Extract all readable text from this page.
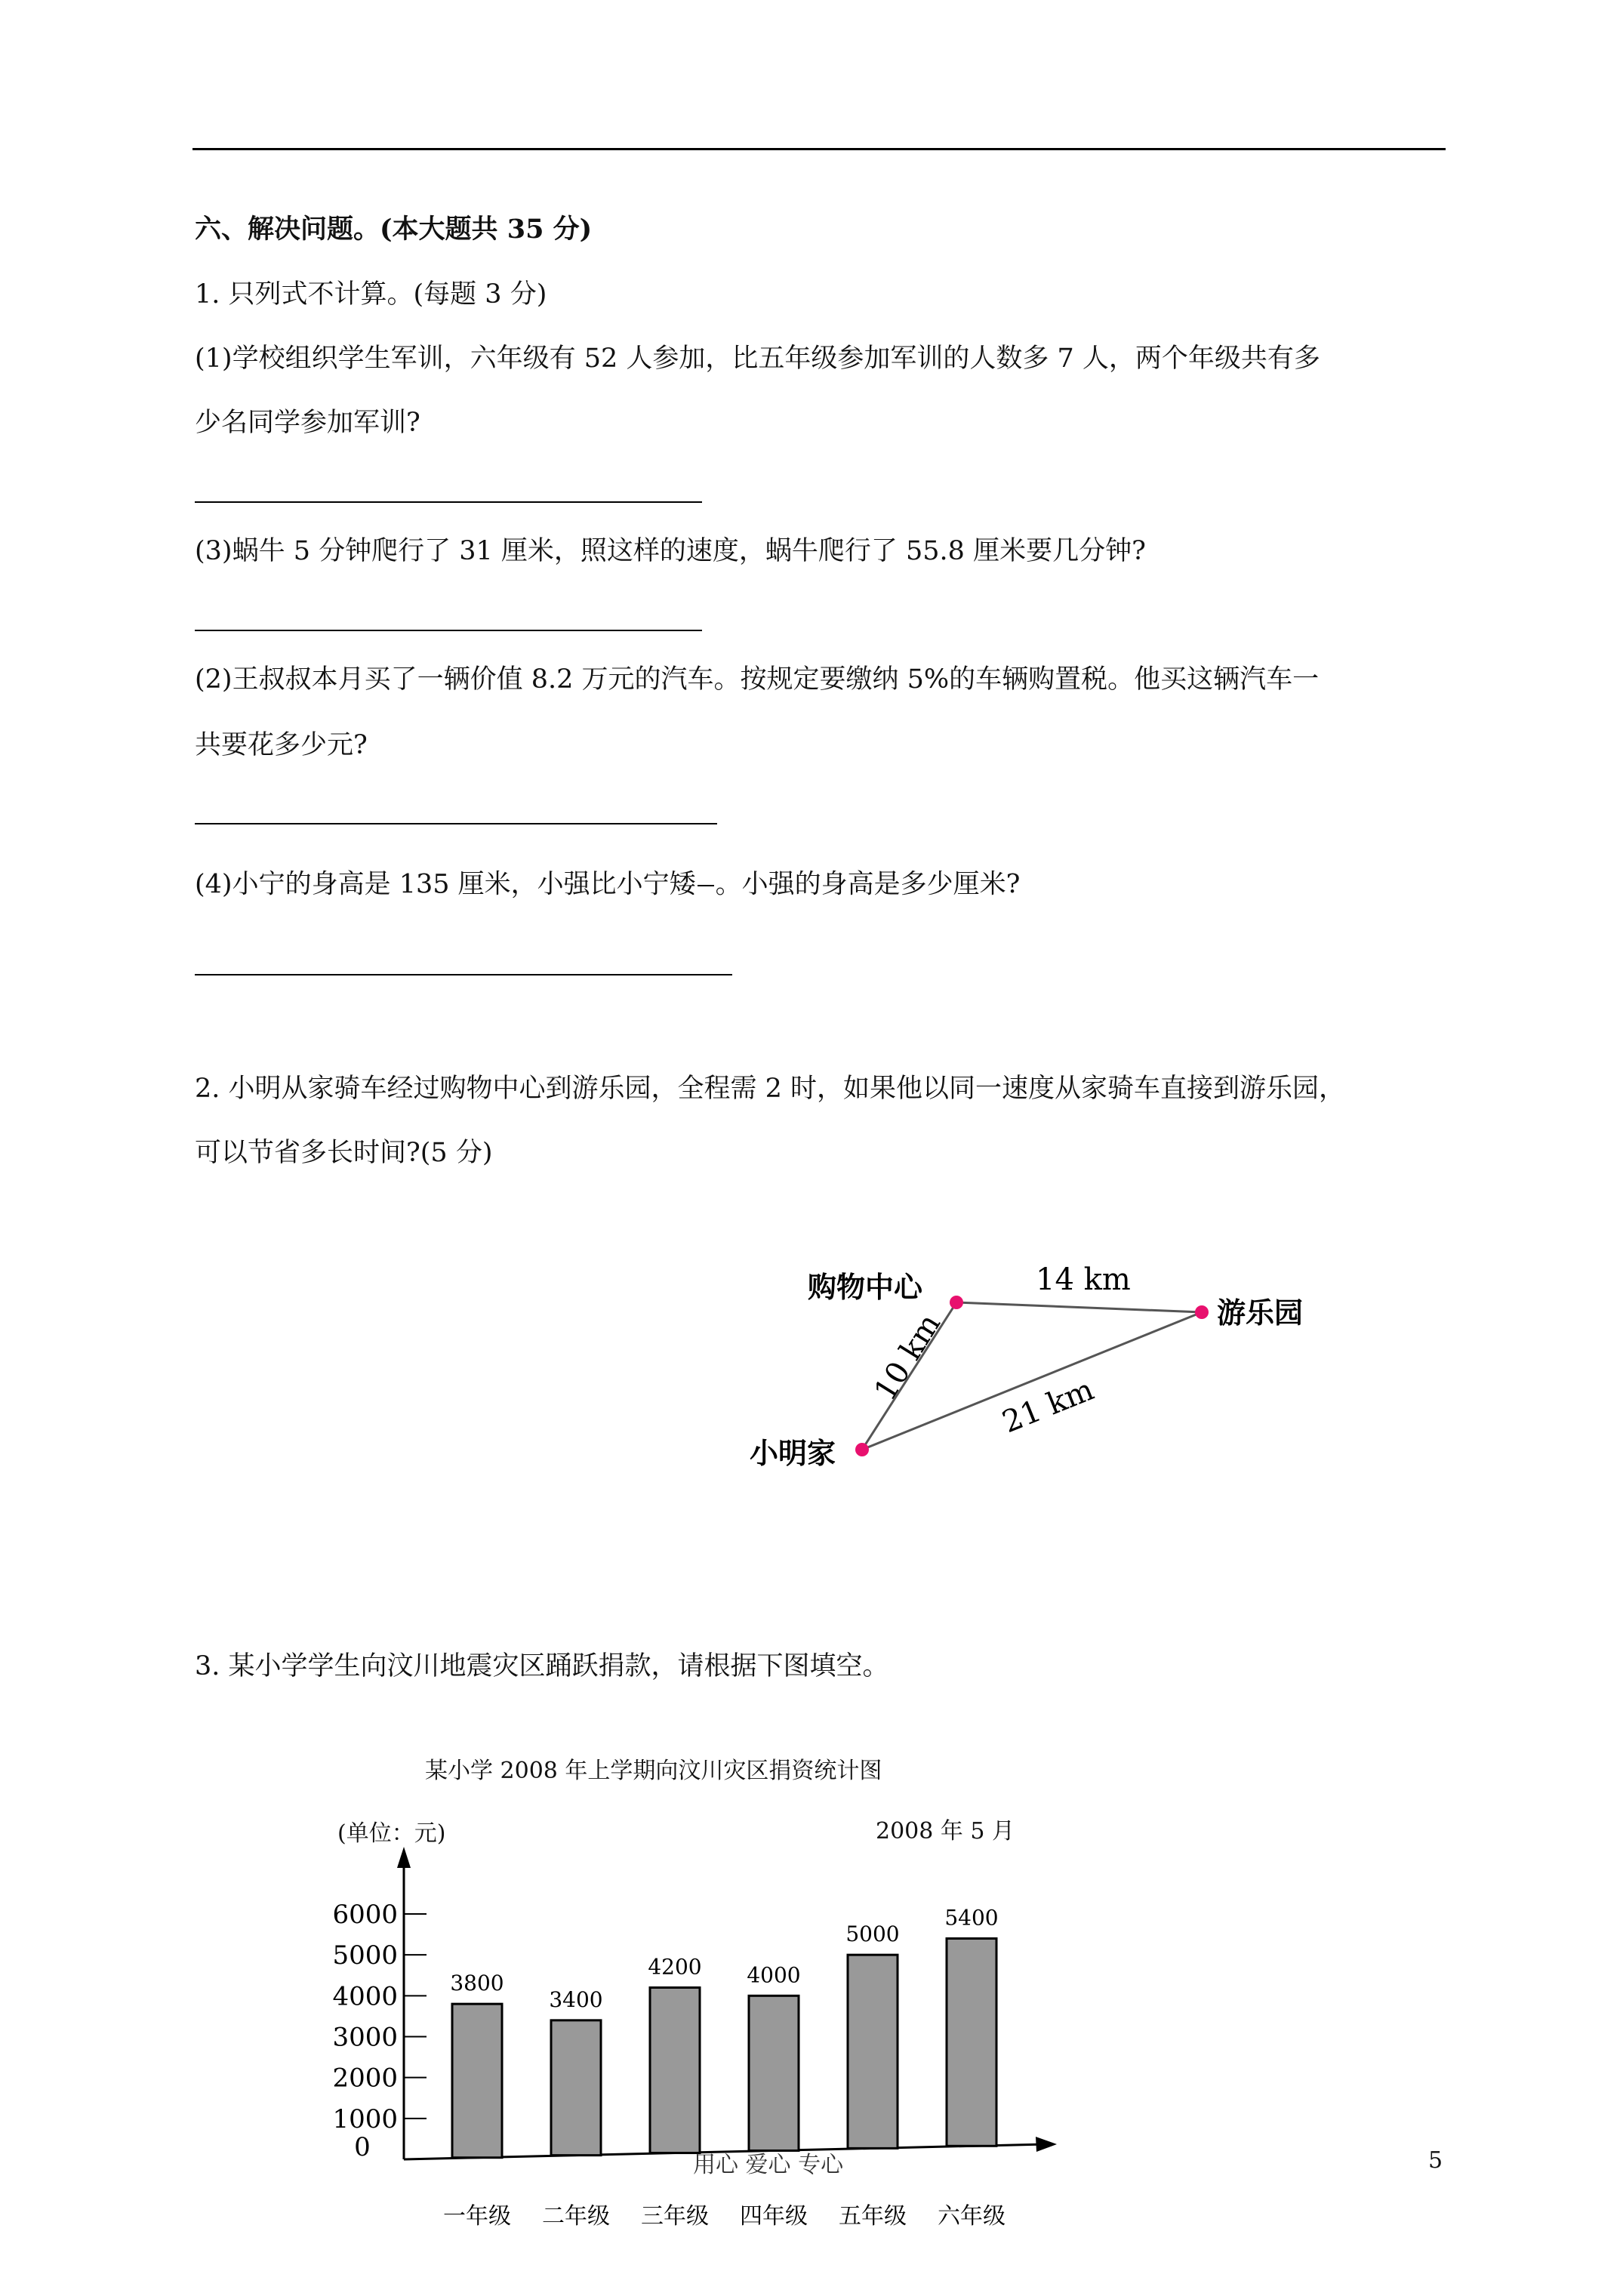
六、解决问题。(本大题共 35 分)
1. 只列式不计算。(每题 3 分)
(1)学校组织学生军训，六年级有 52 人参加，比五年级参加军训的人数多 7 人，两个年级共有多
少名同学参加军训?
(3)蜗牛 5 分钟爬行了 31 厘米，照这样的速度，蜗牛爬行了 55.8 厘米要几分钟?
(2)王叔叔本月买了一辆价值 8.2 万元的汽车。按规定要缴纳 5%的车辆购置税。他买这辆汽车一
共要花多少元?
(4)小宁的身高是 135 厘米，小强比小宁矮 。小强的身高是多少厘米?
2. 小明从家骑车经过购物中心到游乐园，全程需 2 时，如果他以同一速度从家骑车直接到游乐园，
可以节省多长时间?(5 分)
购物中心
游乐园
小明家
14 km
10 km 21 km
3. 某小学学生向汶川地震灾区踊跃捐款，请根据下图填空。
某小学 2008 年上学期向汶川灾区捐资统计图
(单位：元)	2008 年 5 月
0
1000
2000
3000
4000
5000
6000
3800
一年级
3400
二年级
4200
三年级
4000
四年级
5000
五年级
5400
六年级
用心 爱心 专心	5
